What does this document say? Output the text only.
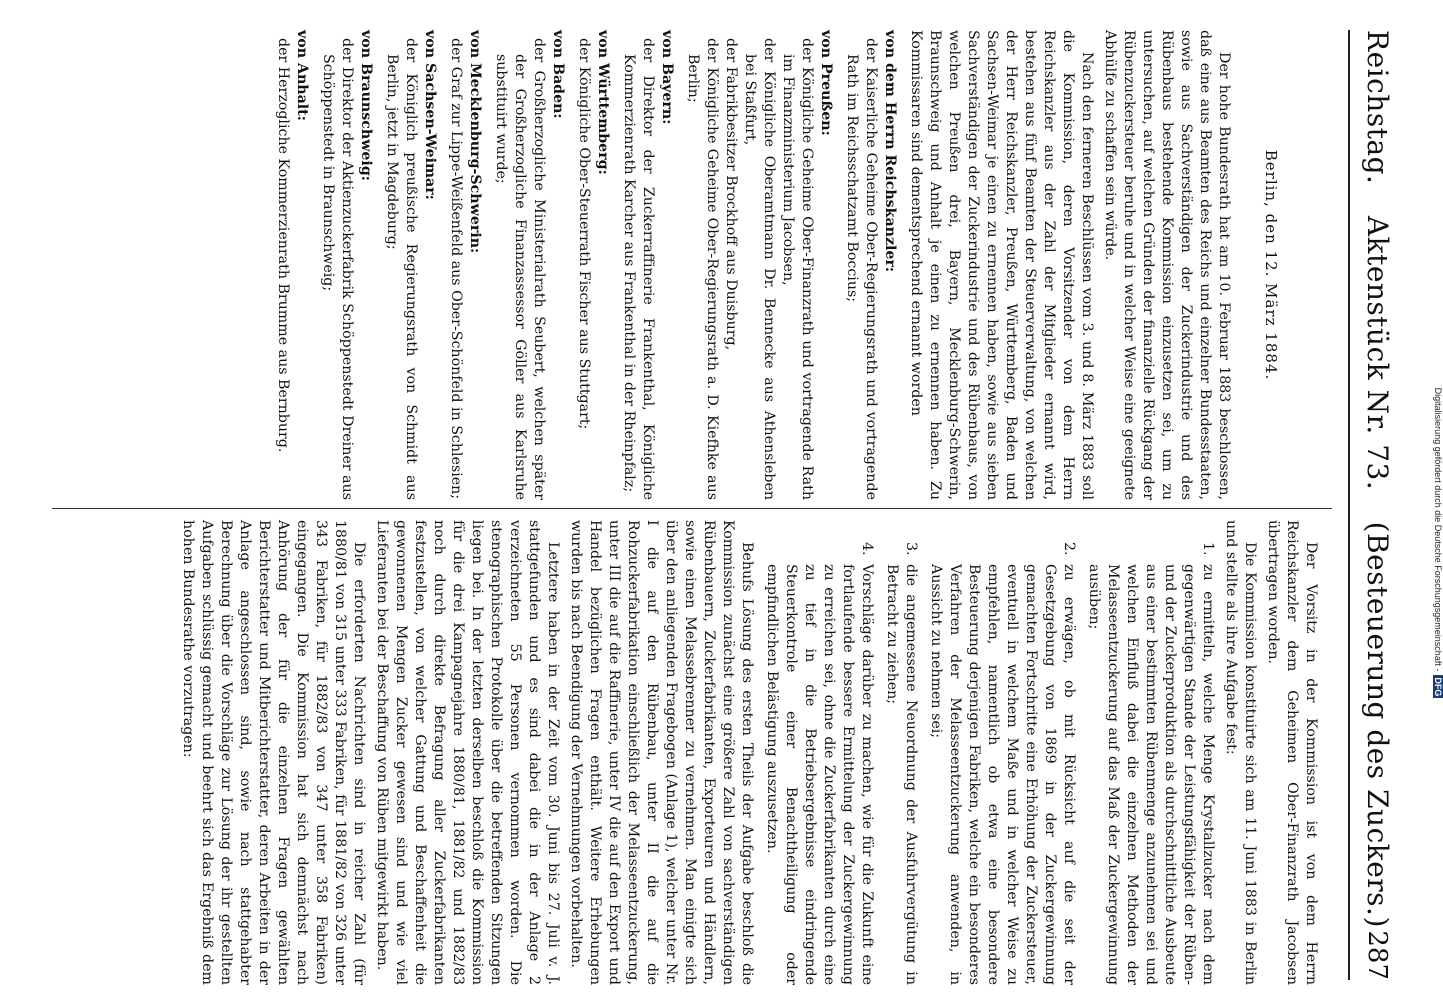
Reichstag. Aktenstück Nr. 73. (Besteuerung des Zuckers.)
287
Berlin, den 12. März 1884.

Der hohe Bundesrath hat am 10. Februar 1883 beschlossen, daß eine aus Beamten des Reichs und einzelner Bundesstaaten, sowie aus Sachverständigen der Zuckerindustrie und des Rübenbaus bestehende Kommission einzusetzen sei, um zu untersuchen, auf welchen Gründen der finanzielle Rückgang der Rübenzuckersteuer beruhe und in welcher Weise eine geeignete Abhülfe zu schaffen sein würde.

Nach den ferneren Beschlüssen vom 3. und 8. März 1883 soll die Kommission, deren Vorsitzender von dem Herrn Reichskanzler aus der Zahl der Mitglieder ernannt wird, bestehen aus fünf Beamten der Steuerverwaltung, von welchen der Herr Reichskanzler, Preußen, Württemberg, Baden und Sachsen-Weimar je einen zu ernennen haben, sowie aus sieben Sachverständigen der Zuckerindustrie und des Rübenbaus, von welchen Preußen drei, Bayern, Mecklenburg-Schwerin, Braunschweig und Anhalt je einen zu ernennen haben. Zu Kommissaren sind dementsprechend ernannt worden

von dem Herrn Reichskanzler:
der Kaiserliche Geheime Ober-Regierungsrath und vortragende Rath im Reichsschatzamt Boccius;
von Preußen:
der Königliche Geheime Ober-Finanzrath und vortragende Rath im Finanzministerium Jacobsen,
der Königliche Oberamtmann Dr. Bennecke aus Athensleben bei Staßfurt,
der Fabrikbesitzer Brockhoff aus Duisburg,
der Königliche Geheime Ober-Regierungsrath a. D. Kiefhke aus Berlin;
von Bayern:
der Direktor der Zuckerraffinerie Frankenthal, Königliche Kommerzienrath Karcher aus Frankenthal in der Rheinpfalz;
von Württemberg:
der Königliche Ober-Steuerrath Fischer aus Stuttgart;
von Baden:
der Großherzogliche Ministerialrath Seubert, welchen später der Großherzogliche Finanzassessor Göller aus Karlsruhe substituirt wurde;
von Mecklenburg-Schwerin:
der Graf zur Lippe-Weißenfeld aus Ober-Schönfeld in Schlesien;
von Sachsen-Weimar:
der Königlich preußische Regierungsrath von Schmidt aus Berlin, jetzt in Magdeburg;
von Braunschweig:
der Direktor der Aktienzuckerfabrik Schöppenstedt Dreiner aus Schöppenstedt in Braunschweig;
von Anhalt:
der Herzogliche Kommerzienrath Brumme aus Bernburg.

Der Vorsitz in der Kommission ist von dem Herrn Reichskanzler dem Geheimen Ober-Finanzrath Jacobsen übertragen worden.

Die Kommission konstituirte sich am 11. Juni 1883 in Berlin und stellte als ihre Aufgabe fest:

1.
zu ermitteln, welche Menge Krystallzucker nach dem gegenwärtigen Stande der Leistungsfähigkeit der Rüben- und der Zuckerproduktion als durchschnittliche Ausbeute aus einer bestimmten Rübenmenge anzunehmen sei und welchen Einfluß dabei die einzelnen Methoden der Melasseentzuckerung auf das Maß der Zuckergewinnung ausüben;
2.
zu erwägen, ob mit Rücksicht auf die seit der Gesetzgebung von 1869 in der Zuckergewinnung gemachten Fortschritte eine Erhöhung der Zuckersteuer, eventuell in welchem Maße und in welcher Weise zu empfehlen, namentlich ob etwa eine besondere Besteuerung derjenigen Fabriken, welche ein besonderes Verfahren der Melasseentzuckerung anwenden, in Aussicht zu nehmen sei;
3.
die angemessene Neuordnung der Ausfuhrvergütung in Betracht zu ziehen;
4.
Vorschläge darüber zu machen, wie für die Zukunft eine fortlaufende bessere Ermittelung der Zuckergewinnung zu erreichen sei, ohne die Zuckerfabrikanten durch eine zu tief in die Betriebsergebnisse eindringende Steuerkontrole einer Benachtheiligung oder empfindlichen Belästigung auszusetzen.

Behufs Lösung des ersten Theils der Aufgabe beschloß die Kommission zunächst eine größere Zahl von sachverständigen Rübenbauern, Zuckerfabrikanten, Exporteuren und Händlern, sowie einen Melassebrenner zu vernehmen. Man einigte sich über den anliegenden Fragebogen (Anlage 1), welcher unter Nr. I die auf den Rübenbau, unter II die auf die Rohzuckerfabrikation einschließlich der Melasseentzuckerung, unter III die auf die Raffinerie, unter IV die auf den Export und Handel bezüglichen Fragen enthält. Weitere Erhebungen wurden bis nach Beendigung der Vernehmungen vorbehalten.

Letztere haben in der Zeit vom 30. Juni bis 27. Juli v. J. stattgefunden und es sind dabei die in der Anlage 2 verzeichneten 55 Personen vernommen worden. Die stenographischen Protokolle über die betreffenden Sitzungen liegen bei. In der letzten derselben beschloß die Kommission für die drei Kampagnejahre 1880/81, 1881/82 und 1882/83 noch durch direkte Befragung aller Zuckerfabrikanten festzustellen, von welcher Gattung und Beschaffenheit die gewonnenen Mengen Zucker gewesen sind und wie viel Lieferanten bei der Beschaffung von Rüben mitgewirkt haben.

Die erforderten Nachrichten sind in reicher Zahl (für 1880/81 von 315 unter 333 Fabriken, für 1881/82 von 326 unter 343 Fabriken, für 1882/83 von 347 unter 358 Fabriken) eingegangen. Die Kommission hat sich demnächst nach Anhörung der für die einzelnen Fragen gewählten Berichterstatter und Mitberichterstatter, deren Arbeiten in der Anlage angeschlossen sind, sowie nach stattgehabter Berechnung über die Vorschläge zur Lösung der ihr gestellten Aufgaben schlüssig gemacht und beehrt sich das Ergebniß dem hohen Bundesrathe vorzutragen:	Digitalisierung gefördert durch die Deutsche Forschungsgemeinschaft -DFG
